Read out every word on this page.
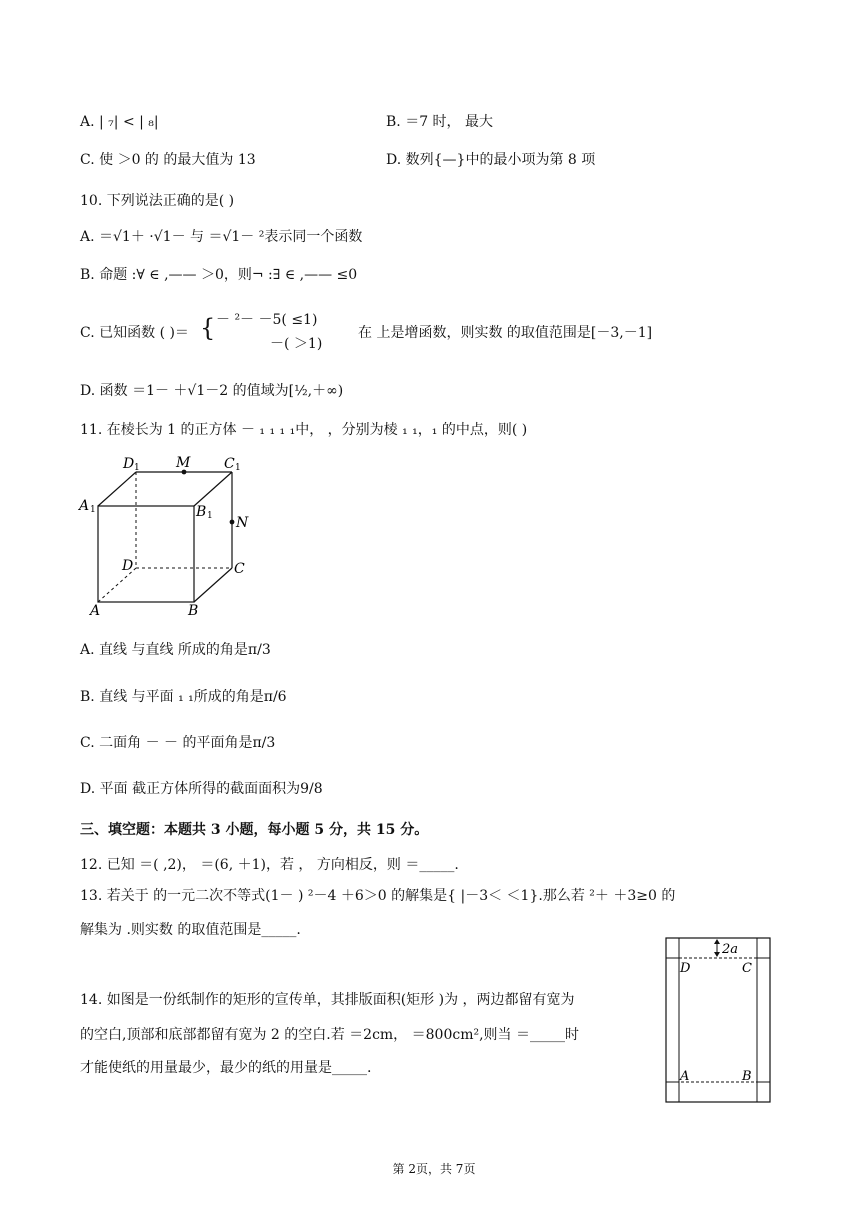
A. | ₇| < | ₈|	B. ＝7 时， 最大
C. 使 ＞0 的 的最大值为 13	D. 数列{—}中的最小项为第 8 项
10. 下列说法正确的是( )
A. ＝√1＋ ·√1－ 与 ＝√1－ ²表示同一个函数
B. 命题 :∀ ∈ ,—— ＞0，则¬ :∃ ∈ ,—— ≤0
C. 已知函数 ( )＝ { － ²－ －5( ≤1)
－( ＞1)
在 上是增函数，则实数 的取值范围是[－3,－1]
D. 函数 ＝1－ ＋√1－2 的值域为[½,＋∞)
11. 在棱长为 1 的正方体 － ₁ ₁ ₁ ₁中， ，分别为棱 ₁ ₁，₁ 的中点，则( )
D 1	M C 1
A 1	B 1 N
D	C
A	B
A. 直线 与直线 所成的角是π/3
B. 直线 与平面 ₁ ₁所成的角是π/6
C. 二面角 － － 的平面角是π/3
D. 平面 截正方体所得的截面面积为9/8
三、填空题：本题共 3 小题，每小题 5 分，共 15 分。
12. 已知 ＝( ,2)， ＝(6, ＋1)，若 ， 方向相反，则 ＝_____.
13. 若关于 的一元二次不等式(1－ ) ²－4 ＋6＞0 的解集是{ |－3＜ ＜1}.那么若 ²＋ ＋3≥0 的
解集为 .则实数 的取值范围是_____.
14. 如图是一份纸制作的矩形的宣传单，其排版面积(矩形 )为 ，两边都留有宽为
的空白,顶部和底部都留有宽为 2 的空白.若 ＝2cm， ＝800cm²,则当 ＝_____时
才能使纸的用量最少，最少的纸的用量是_____.
2a
D	C
A	B
第 2页，共 7页
